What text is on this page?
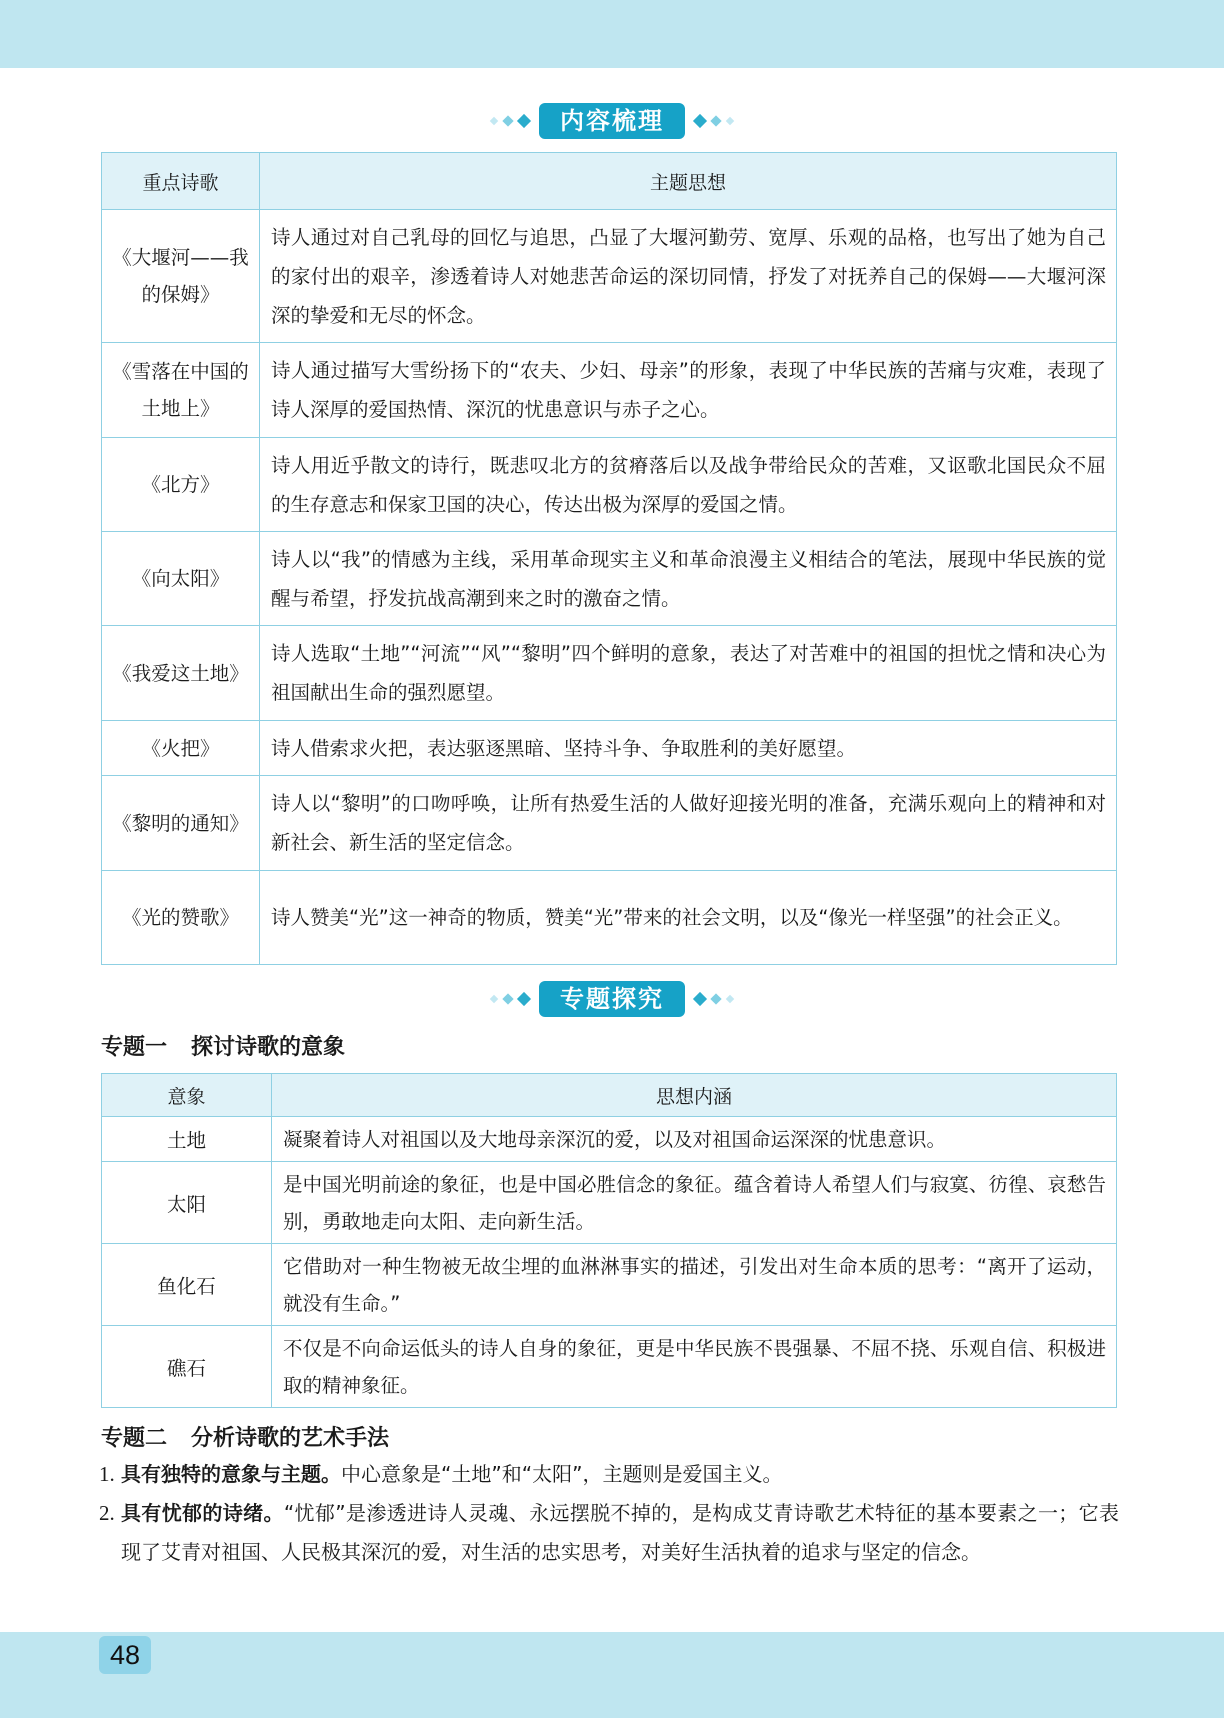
内容梳理
重点诗歌	主题思想
《大堰河——我的保姆》	诗人通过对自己乳母的回忆与追思，凸显了大堰河勤劳、宽厚、乐观的品格，也写出了她为自己的家付出的艰辛，渗透着诗人对她悲苦命运的深切同情，抒发了对抚养自己的保姆——大堰河深深的挚爱和无尽的怀念。
《雪落在中国的土地上》	诗人通过描写大雪纷扬下的“农夫、少妇、母亲”的形象，表现了中华民族的苦痛与灾难，表现了诗人深厚的爱国热情、深沉的忧患意识与赤子之心。
《北方》	诗人用近乎散文的诗行，既悲叹北方的贫瘠落后以及战争带给民众的苦难，又讴歌北国民众不屈的生存意志和保家卫国的决心，传达出极为深厚的爱国之情。
《向太阳》	诗人以“我”的情感为主线，采用革命现实主义和革命浪漫主义相结合的笔法，展现中华民族的觉醒与希望，抒发抗战高潮到来之时的激奋之情。
《我爱这土地》	诗人选取“土地”“河流”“风”“黎明”四个鲜明的意象，表达了对苦难中的祖国的担忧之情和决心为祖国献出生命的强烈愿望。
《火把》	诗人借索求火把，表达驱逐黑暗、坚持斗争、争取胜利的美好愿望。
《黎明的通知》	诗人以“黎明”的口吻呼唤，让所有热爱生活的人做好迎接光明的准备，充满乐观向上的精神和对新社会、新生活的坚定信念。
《光的赞歌》	诗人赞美“光”这一神奇的物质，赞美“光”带来的社会文明，以及“像光一样坚强”的社会正义。
专题探究
专题一 探讨诗歌的意象
意象	思想内涵
土地	凝聚着诗人对祖国以及大地母亲深沉的爱，以及对祖国命运深深的忧患意识。
太阳	是中国光明前途的象征，也是中国必胜信念的象征。蕴含着诗人希望人们与寂寞、彷徨、哀愁告别，勇敢地走向太阳、走向新生活。
鱼化石	它借助对一种生物被无故尘埋的血淋淋事实的描述，引发出对生命本质的思考：“离开了运动，就没有生命。”
礁石	不仅是不向命运低头的诗人自身的象征，更是中华民族不畏强暴、不屈不挠、乐观自信、积极进取的精神象征。
专题二 分析诗歌的艺术手法
1. 具有独特的意象与主题。中心意象是“土地”和“太阳”，主题则是爱国主义。
2. 具有忧郁的诗绪。“忧郁”是渗透进诗人灵魂、永远摆脱不掉的，是构成艾青诗歌艺术特征的基本要素之一；它表现了艾青对祖国、人民极其深沉的爱，对生活的忠实思考，对美好生活执着的追求与坚定的信念。
48
